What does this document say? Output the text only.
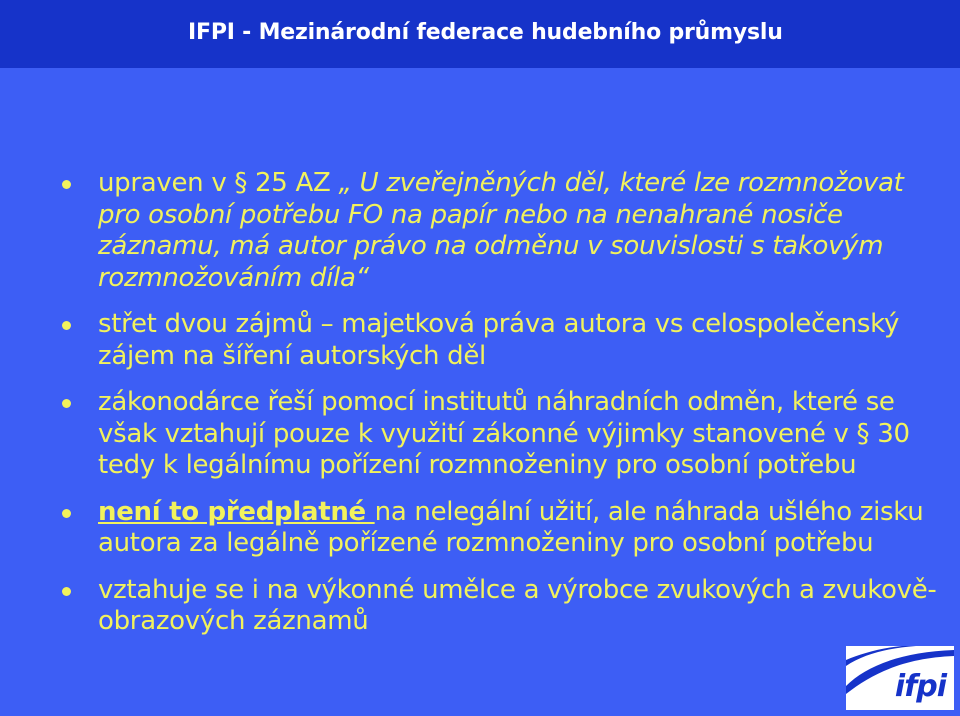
IFPI - Mezinárodní federace hudebního průmyslu
upraven v § 25 AZ „ U zveřejněných děl, které lze rozmnožovat pro osobní potřebu FO na papír nebo na nenahrané nosiče záznamu, má autor právo na odměnu v souvislosti s takovým rozmnožováním díla“
střet dvou zájmů – majetková práva autora vs celospolečenský zájem na šíření autorských děl
zákonodárce řeší pomocí institutů náhradních odměn, které se však vztahují pouze k využití zákonné výjimky stanovené v § 30 tedy k legálnímu pořízení rozmnoženiny pro osobní potřebu
není to předplatné na nelegální užití, ale náhrada ušlého zisku autora za legálně pořízené rozmnoženiny pro osobní potřebu
vztahuje se i na výkonné umělce a výrobce zvukových a zvukově-obrazových záznamů
ifpi
